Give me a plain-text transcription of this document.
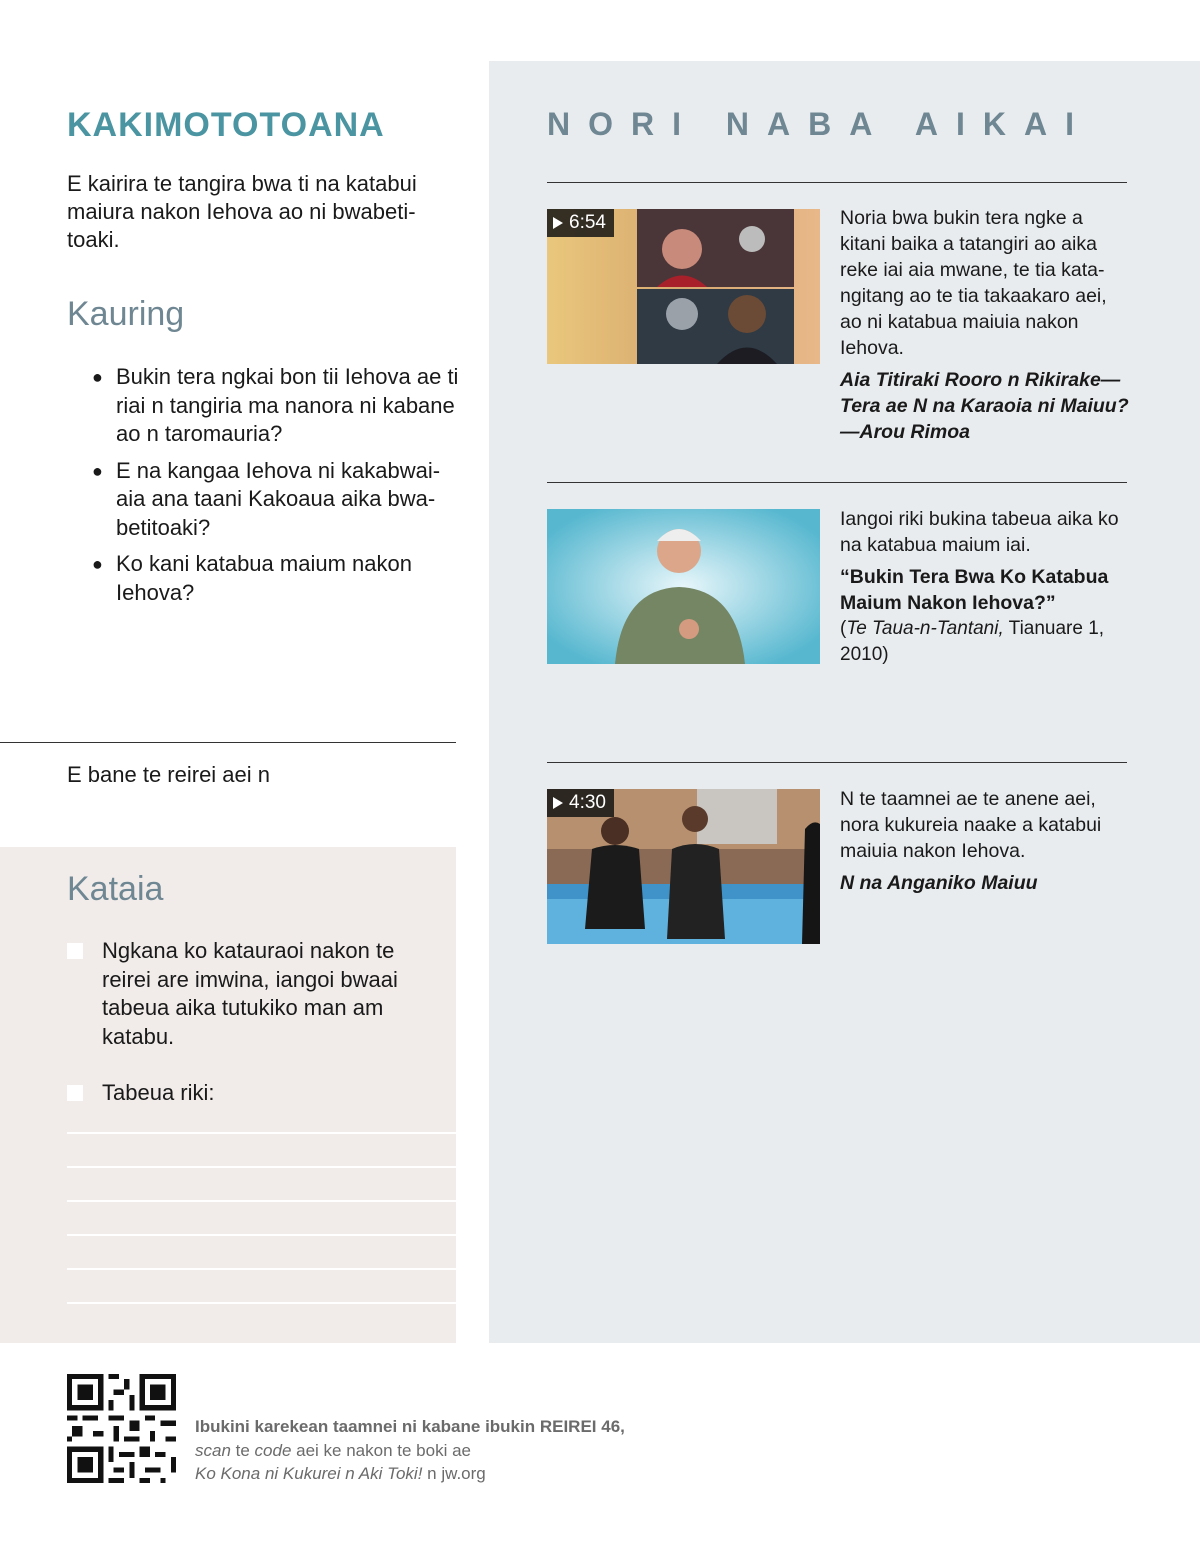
KAKIMOTOTOANA

E kairira te tangira bwa ti na katabui maiura nakon Iehova ao ni bwabeti-toaki.

Kauring
● Bukin tera ngkai bon tii Iehova ae ti riai n tangiria ma nanora ni kabane ao n taromauria?
● E na kangaa Iehova ni kakabwai-aia ana taani Kakoaua aika bwa-betitoaki?
● Ko kani katabua maium nakon Iehova?

E bane te reirei aei n

Kataia
Ngkana ko katauraoi nakon te reirei are imwina, iangoi bwaai tabeua aika tutukiko man am katabu.
Tabeua riki:
NORI NABA AIKAI
6:54	Noria bwa bukin tera ngke a kitani baika a tatangiri ao aika reke iai aia mwane, te tia kata-ngitang ao te tia takaakaro aei, ao ni katabua maiuia nakon Iehova.

Aia Titiraki Rooro n Rikirake—Tera ae N na Karaoia ni Maiuu?—Arou Rimoa

Iangoi riki bukina tabeua aika ko na katabua maium iai.

“Bukin Tera Bwa Ko Katabua Maium Nakon Iehova?”

(Te Taua-n-Tantani, Tianuare 1, 2010)

4:30	N te taamnei ae te anene aei, nora kukureia naake a katabui maiuia nakon Iehova.

N na Anganiko Maiuu

Ibukini karekean taamnei ni kabane ibukin REIREI 46,
scan te code aei ke nakon te boki ae
Ko Kona ni Kukurei n Aki Toki! n jw.org
